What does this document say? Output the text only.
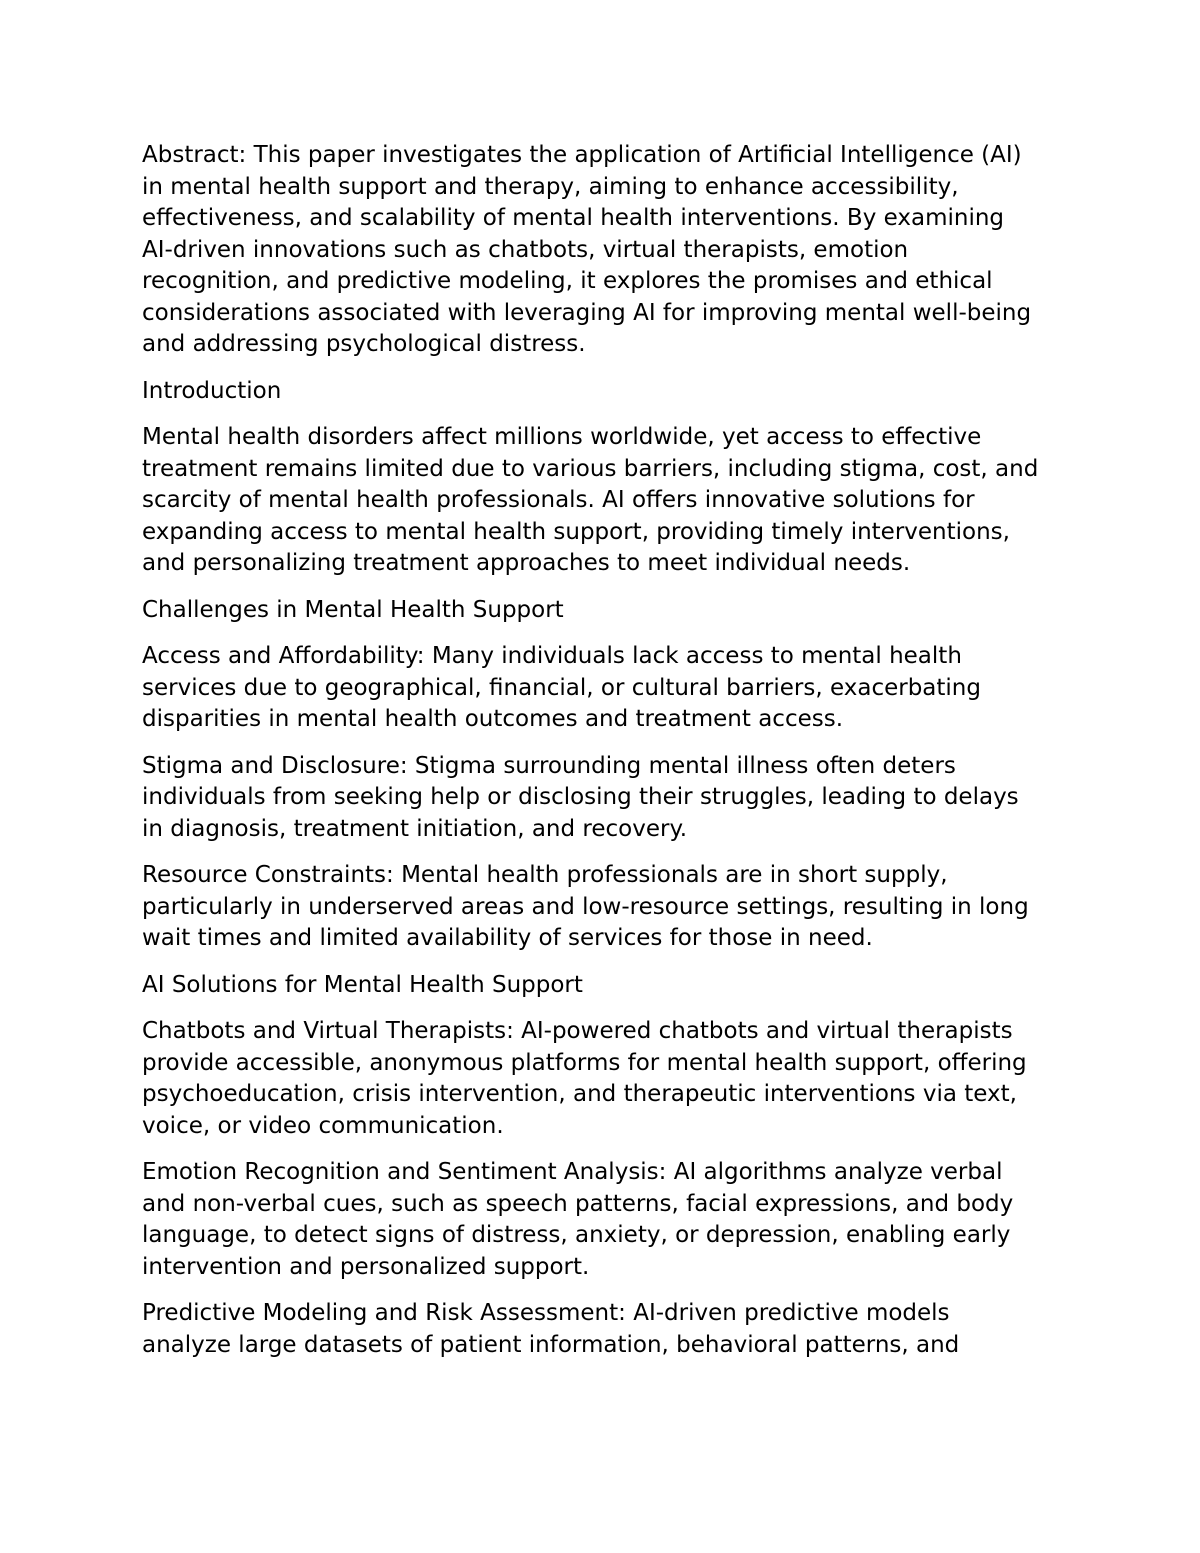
Abstract: This paper investigates the application of Artificial Intelligence (AI)
in mental health support and therapy, aiming to enhance accessibility,
effectiveness, and scalability of mental health interventions. By examining
AI-driven innovations such as chatbots, virtual therapists, emotion
recognition, and predictive modeling, it explores the promises and ethical
considerations associated with leveraging AI for improving mental well-being
and addressing psychological distress.

Introduction

Mental health disorders affect millions worldwide, yet access to effective
treatment remains limited due to various barriers, including stigma, cost, and
scarcity of mental health professionals. AI offers innovative solutions for
expanding access to mental health support, providing timely interventions,
and personalizing treatment approaches to meet individual needs.

Challenges in Mental Health Support

Access and Affordability: Many individuals lack access to mental health
services due to geographical, financial, or cultural barriers, exacerbating
disparities in mental health outcomes and treatment access.

Stigma and Disclosure: Stigma surrounding mental illness often deters
individuals from seeking help or disclosing their struggles, leading to delays
in diagnosis, treatment initiation, and recovery.

Resource Constraints: Mental health professionals are in short supply,
particularly in underserved areas and low-resource settings, resulting in long
wait times and limited availability of services for those in need.

AI Solutions for Mental Health Support

Chatbots and Virtual Therapists: AI-powered chatbots and virtual therapists
provide accessible, anonymous platforms for mental health support, offering
psychoeducation, crisis intervention, and therapeutic interventions via text,
voice, or video communication.

Emotion Recognition and Sentiment Analysis: AI algorithms analyze verbal
and non-verbal cues, such as speech patterns, facial expressions, and body
language, to detect signs of distress, anxiety, or depression, enabling early
intervention and personalized support.

Predictive Modeling and Risk Assessment: AI-driven predictive models
analyze large datasets of patient information, behavioral patterns, and
